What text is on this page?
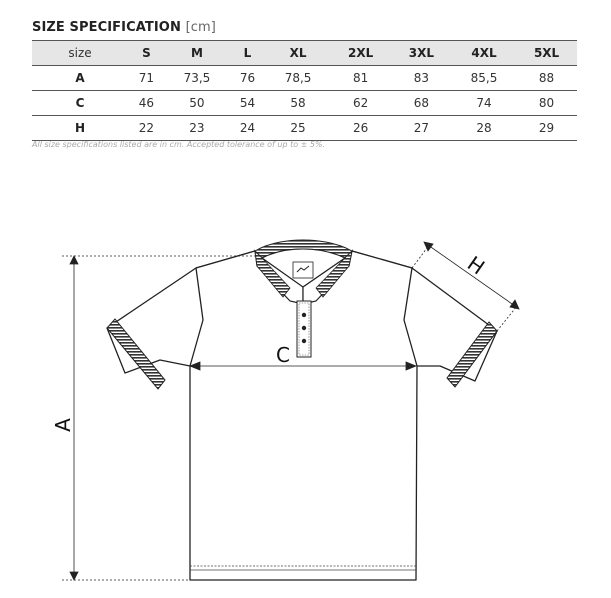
SIZE SPECIFICATION [cm]
size	S	M	L	XL	2XL	3XL	4XL	5XL
A	71	73,5	76	78,5	81	83	85,5	88
C	46	50	54	58	62	68	74	80
H	22	23	24	25	26	27	28	29
All size specifications listed are in cm. Accepted tolerance of up to ± 5%.
A
C
H
